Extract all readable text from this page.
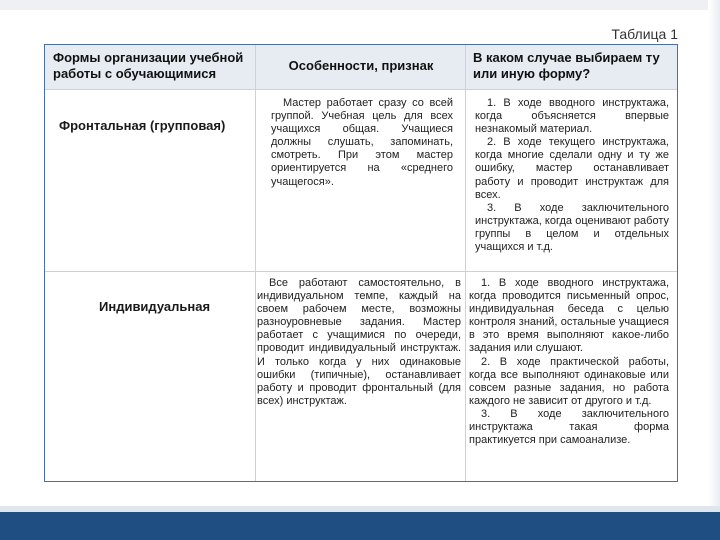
Таблица 1
Формы организации учебной работы с обучающимися
Особенности, признак
В каком случае выбираем ту или иную форму?
Фронтальная (групповая)

Мастер работает сразу со всей группой. Учебная цель для всех учащихся общая. Учащиеся должны слушать, запоминать, смотреть. При этом мастер ориентируется на «среднего учащегося».

1. В ходе вводного инструктажа, когда объясняется впервые незнакомый материал.

2. В ходе текущего инструктажа, когда многие сделали одну и ту же ошибку, мастер останавливает работу и проводит инструктаж для всех.

3. В ходе заключительного инструктажа, когда оценивают работу группы в целом и отдельных учащихся и т.д.

Индивидуальная

Все работают самостоятельно, в индивидуальном темпе, каждый на своем рабочем месте, возможны разноуровневые задания. Мастер работает с учащимися по очереди, проводит индивидуальный инструктаж. И только когда у них одинаковые ошибки (типичные), останавливает работу и проводит фронтальный (для всех) инструктаж.

1. В ходе вводного инструктажа, когда проводится письменный опрос, индивидуальная беседа с целью контроля знаний, остальные учащиеся в это время выполняют какое-либо задания или слушают.

2. В ходе практической работы, когда все выполняют одинаковые или совсем разные задания, но работа каждого не зависит от другого и т.д.

3. В ходе заключительного инструктажа такая форма практикуется при самоанализе.
